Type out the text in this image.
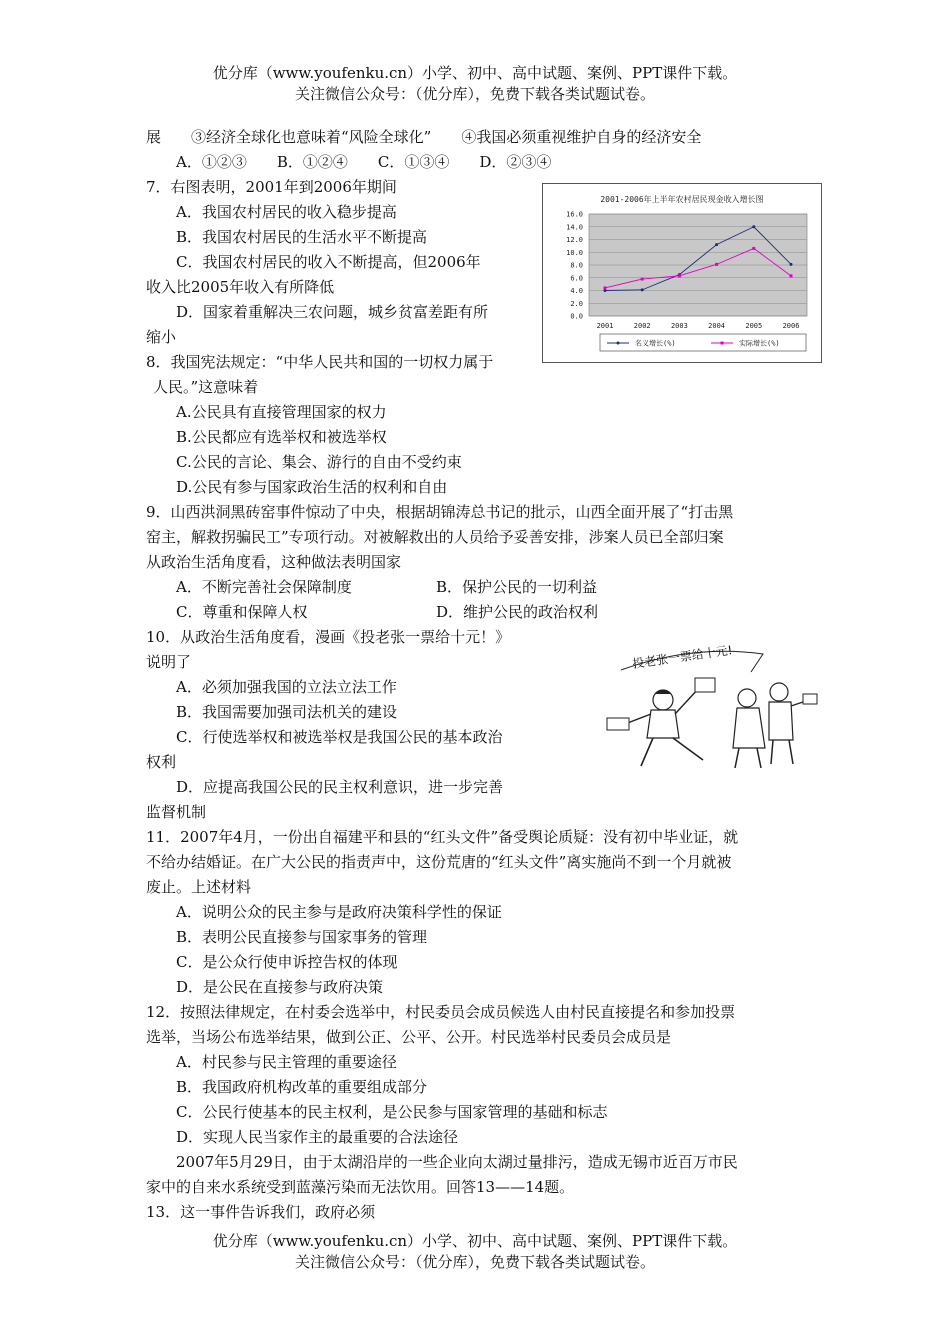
优分库（www.youfenku.cn）小学、初中、高中试题、案例、PPT课件下载。
关注微信公众号：（优分库），免费下载各类试题试卷。
展　　③经济全球化也意味着“风险全球化”　　④我国必须重视维护自身的经济安全
A．①②③　　B．①②④　　C．①③④　　D．②③④
7．右图表明，2001年到2006年期间
A．我国农村居民的收入稳步提高
B．我国农村居民的生活水平不断提高
C．我国农村居民的收入不断提高，但2006年
收入比2005年收入有所降低
D．国家着重解决三农问题，城乡贫富差距有所
缩小
2001-2006年上半年农村居民现金收入增长图
16.0
14.0
12.0
10.0
8.0
6.0
4.0
2.0
0.0
2001	2002	2003	2004	2005	2006
名义增长(%)	实际增长(%)
8．我国宪法规定：“中华人民共和国的一切权力属于
人民。”这意味着
A.公民具有直接管理国家的权力
B.公民都应有选举权和被选举权
C.公民的言论、集会、游行的自由不受约束
D.公民有参与国家政治生活的权利和自由
9．山西洪洞黑砖窑事件惊动了中央，根据胡锦涛总书记的批示，山西全面开展了“打击黑
窑主，解救拐骗民工”专项行动。对被解救出的人员给予妥善安排，涉案人员已全部归案
从政治生活角度看，这种做法表明国家
A．不断完善社会保障制度	B．保护公民的一切利益
C．尊重和保障人权	D．维护公民的政治权利
10．从政治生活角度看，漫画《投老张一票给十元！》
说明了
A．必须加强我国的立法立法工作
B．我国需要加强司法机关的建设
C．行使选举权和被选举权是我国公民的基本政治
权利
D．应提高我国公民的民主权利意识，进一步完善
监督机制
投老张一票给十元!
11．2007年4月，一份出自福建平和县的“红头文件”备受舆论质疑：没有初中毕业证，就
不给办结婚证。在广大公民的指责声中，这份荒唐的“红头文件”离实施尚不到一个月就被
废止。上述材料
A．说明公众的民主参与是政府决策科学性的保证
B．表明公民直接参与国家事务的管理
C．是公众行使申诉控告权的体现
D．是公民在直接参与政府决策
12．按照法律规定，在村委会选举中，村民委员会成员候选人由村民直接提名和参加投票
选举，当场公布选举结果，做到公正、公平、公开。村民选举村民委员会成员是
A．村民参与民主管理的重要途径
B．我国政府机构改革的重要组成部分
C．公民行使基本的民主权利，是公民参与国家管理的基础和标志
D．实现人民当家作主的最重要的合法途径
2007年5月29日，由于太湖沿岸的一些企业向太湖过量排污，造成无锡市近百万市民
家中的自来水系统受到蓝藻污染而无法饮用。回答13——14题。
13．这一事件告诉我们，政府必须
优分库（www.youfenku.cn）小学、初中、高中试题、案例、PPT课件下载。
关注微信公众号：（优分库），免费下载各类试题试卷。
